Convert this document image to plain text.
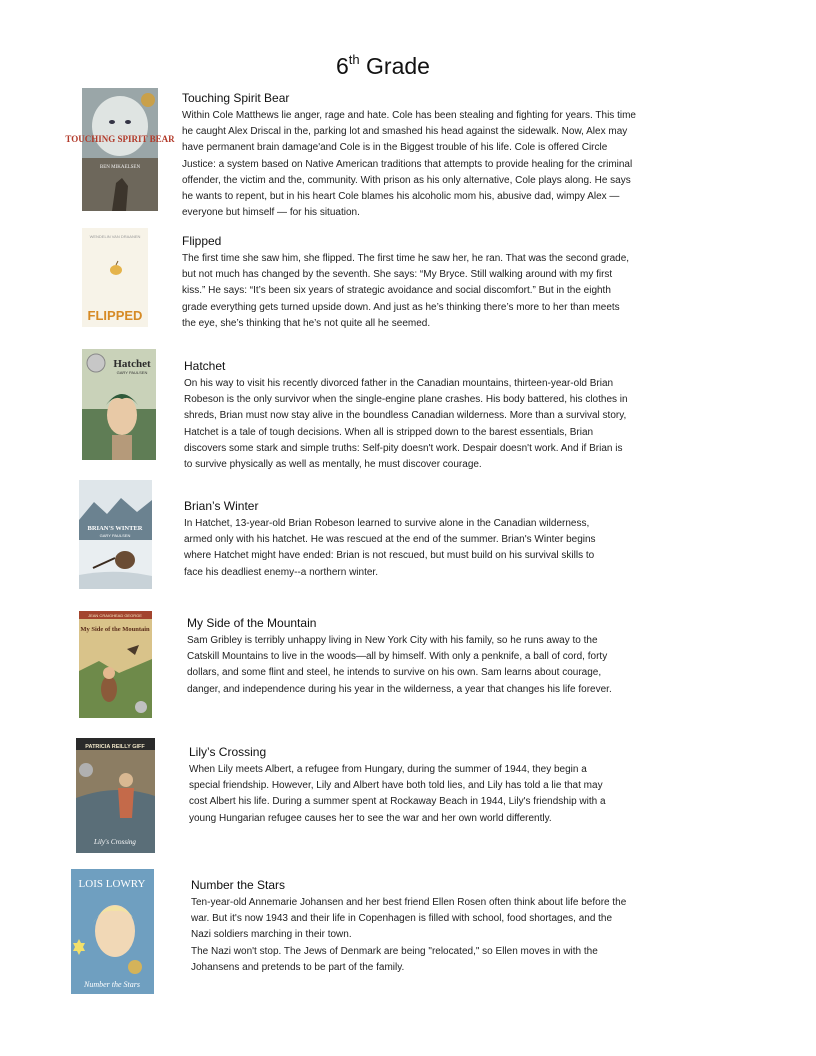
6th Grade
TOUCHING SPIRIT BEAR
BEN MIKAELSEN
Touching Spirit Bear
Within Cole Matthews lie anger, rage and hate. Cole has been stealing and fighting for years. This time
he caught Alex Driscal in the, parking lot and smashed his head against the sidewalk. Now, Alex may
have permanent brain damage'and Cole is in the Biggest trouble of his life. Cole is offered Circle
Justice: a system based on Native American traditions that attempts to provide healing for the criminal
offender, the victim and the, community. With prison as his only alternative, Cole plays along. He says
he wants to repent, but in his heart Cole blames his alcoholic mom his, abusive dad, wimpy Alex —
everyone but himself — for his situation.
WENDELIN VAN DRAANEN
FLIPPED
Flipped
The first time she saw him, she flipped. The first time he saw her, he ran. That was the second grade,
but not much has changed by the seventh. She says: “My Bryce. Still walking around with my first
kiss.” He says: “It’s been six years of strategic avoidance and social discomfort.” But in the eighth
grade everything gets turned upside down. And just as he’s thinking there’s more to her than meets
the eye, she’s thinking that he’s not quite all he seemed.
Hatchet
GARY PAULSEN	Hatchet
On his way to visit his recently divorced father in the Canadian mountains, thirteen-year-old Brian
Robeson is the only survivor when the single-engine plane crashes. His body battered, his clothes in
shreds, Brian must now stay alive in the boundless Canadian wilderness. More than a survival story,
Hatchet is a tale of tough decisions. When all is stripped down to the barest essentials, Brian
discovers some stark and simple truths: Self-pity doesn't work. Despair doesn't work. And if Brian is
to survive physically as well as mentally, he must discover courage.
BRIAN'S WINTER
GARY PAULSEN
Brian’s Winter
In Hatchet, 13-year-old Brian Robeson learned to survive alone in the Canadian wilderness,
armed only with his hatchet. He was rescued at the end of the summer. Brian's Winter begins
where Hatchet might have ended: Brian is not rescued, but must build on his survival skills to
face his deadliest enemy--a northern winter.
JEAN CRAIGHEAD GEORGE
My Side of the Mountain	My Side of the Mountain
Sam Gribley is terribly unhappy living in New York City with his family, so he runs away to the
Catskill Mountains to live in the woods—all by himself. With only a penknife, a ball of cord, forty
dollars, and some flint and steel, he intends to survive on his own. Sam learns about courage,
danger, and independence during his year in the wilderness, a year that changes his life forever.
PATRICIA REILLY GIFF
Lily's Crossing
Lily’s Crossing
When Lily meets Albert, a refugee from Hungary, during the summer of 1944, they begin a
special friendship. However, Lily and Albert have both told lies, and Lily has told a lie that may
cost Albert his life. During a summer spent at Rockaway Beach in 1944, Lily's friendship with a
young Hungarian refugee causes her to see the war and her own world differently.
LOIS LOWRY
Number the Stars
Number the Stars
Ten-year-old Annemarie Johansen and her best friend Ellen Rosen often think about life before the
war. But it's now 1943 and their life in Copenhagen is filled with school, food shortages, and the
Nazi soldiers marching in their town.
The Nazi won't stop. The Jews of Denmark are being "relocated," so Ellen moves in with the
Johansens and pretends to be part of the family.
